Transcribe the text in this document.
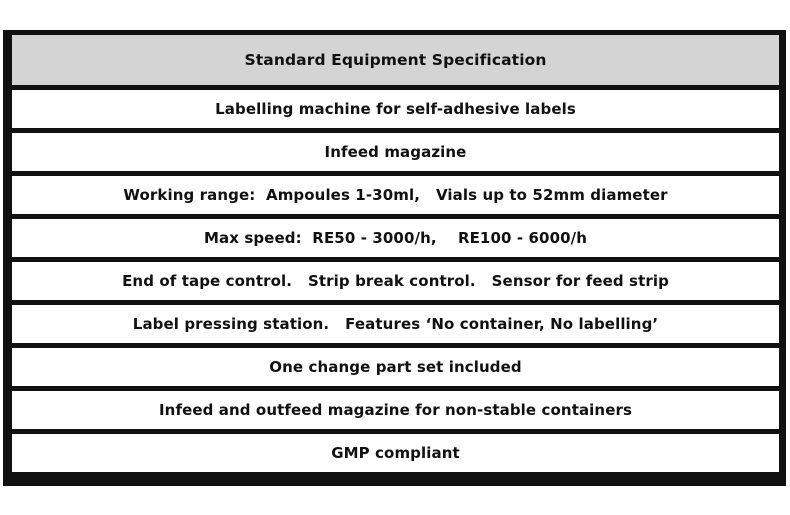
Standard Equipment Specification
Labelling machine for self-adhesive labels
Infeed magazine
Working range:  Ampoules 1-30ml,   Vials up to 52mm diameter
Max speed:  RE50 - 3000/h,    RE100 - 6000/h
End of tape control.   Strip break control.   Sensor for feed strip
Label pressing station.   Features ‘No container, No labelling’
One change part set included
Infeed and outfeed magazine for non-stable containers
GMP compliant
